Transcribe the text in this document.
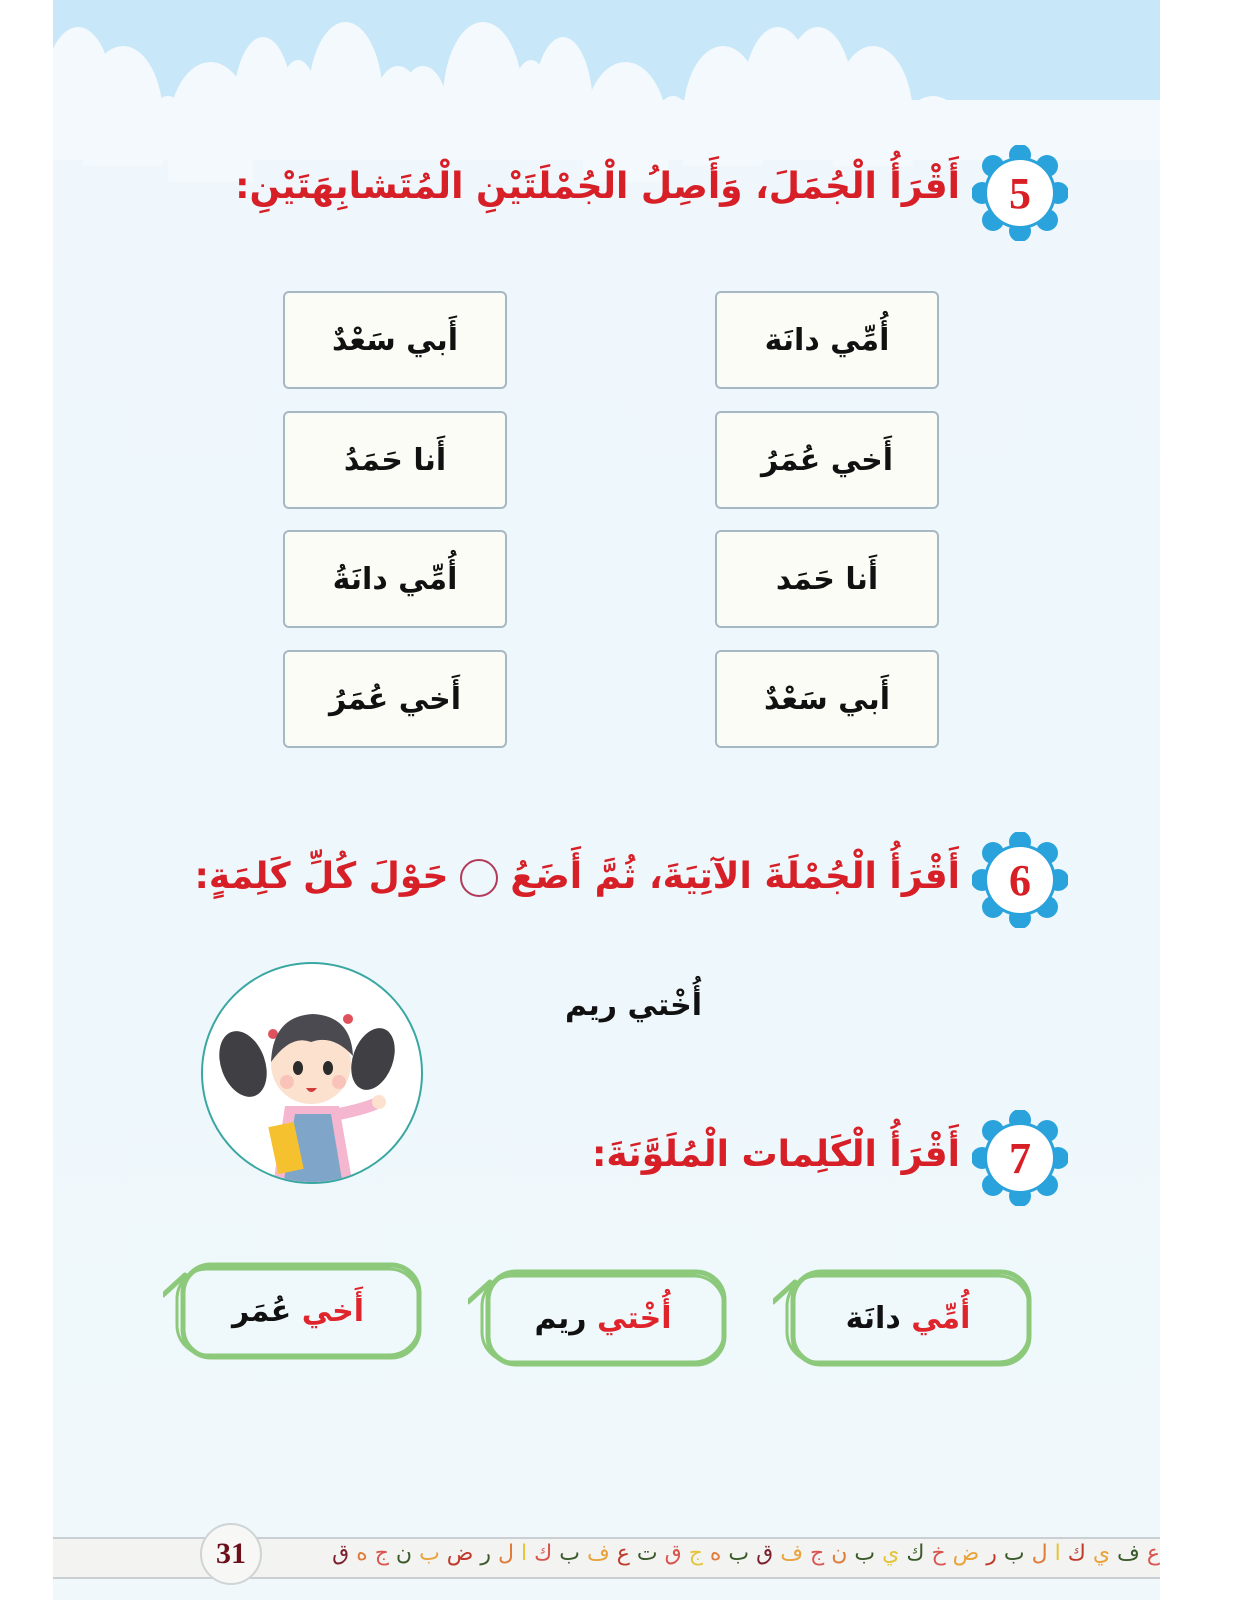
5
أَقْرَأُ الْجُمَلَ، وَأَصِلُ الْجُمْلَتَيْنِ الْمُتَشابِهَتَيْنِ:
أَبي سَعْدٌ
أَنا حَمَدُ
أُمِّي دانَةُ
أَخي عُمَرُ
أُمِّي دانَة
أَخي عُمَرُ
أَنا حَمَد
أَبي سَعْدٌ
6
أَقْرَأُ الْجُمْلَةَ الآتِيَةَ، ثُمَّ أَضَعُحَوْلَ كُلِّ كَلِمَةٍ:
أُخْتي ريم
7
أَقْرَأُ الْكَلِمات الْمُلَوَّنَةَ:
أُمِّي

دانَة
أُخْتي

ريم
أَخي

عُمَر
ع ف ي ك ا ل ب ر ض خ ك ي ب ن ج ف ق ب ه ج ق ت ع ف ب ك ا ل ر ض ب ن ج ه ق
31
